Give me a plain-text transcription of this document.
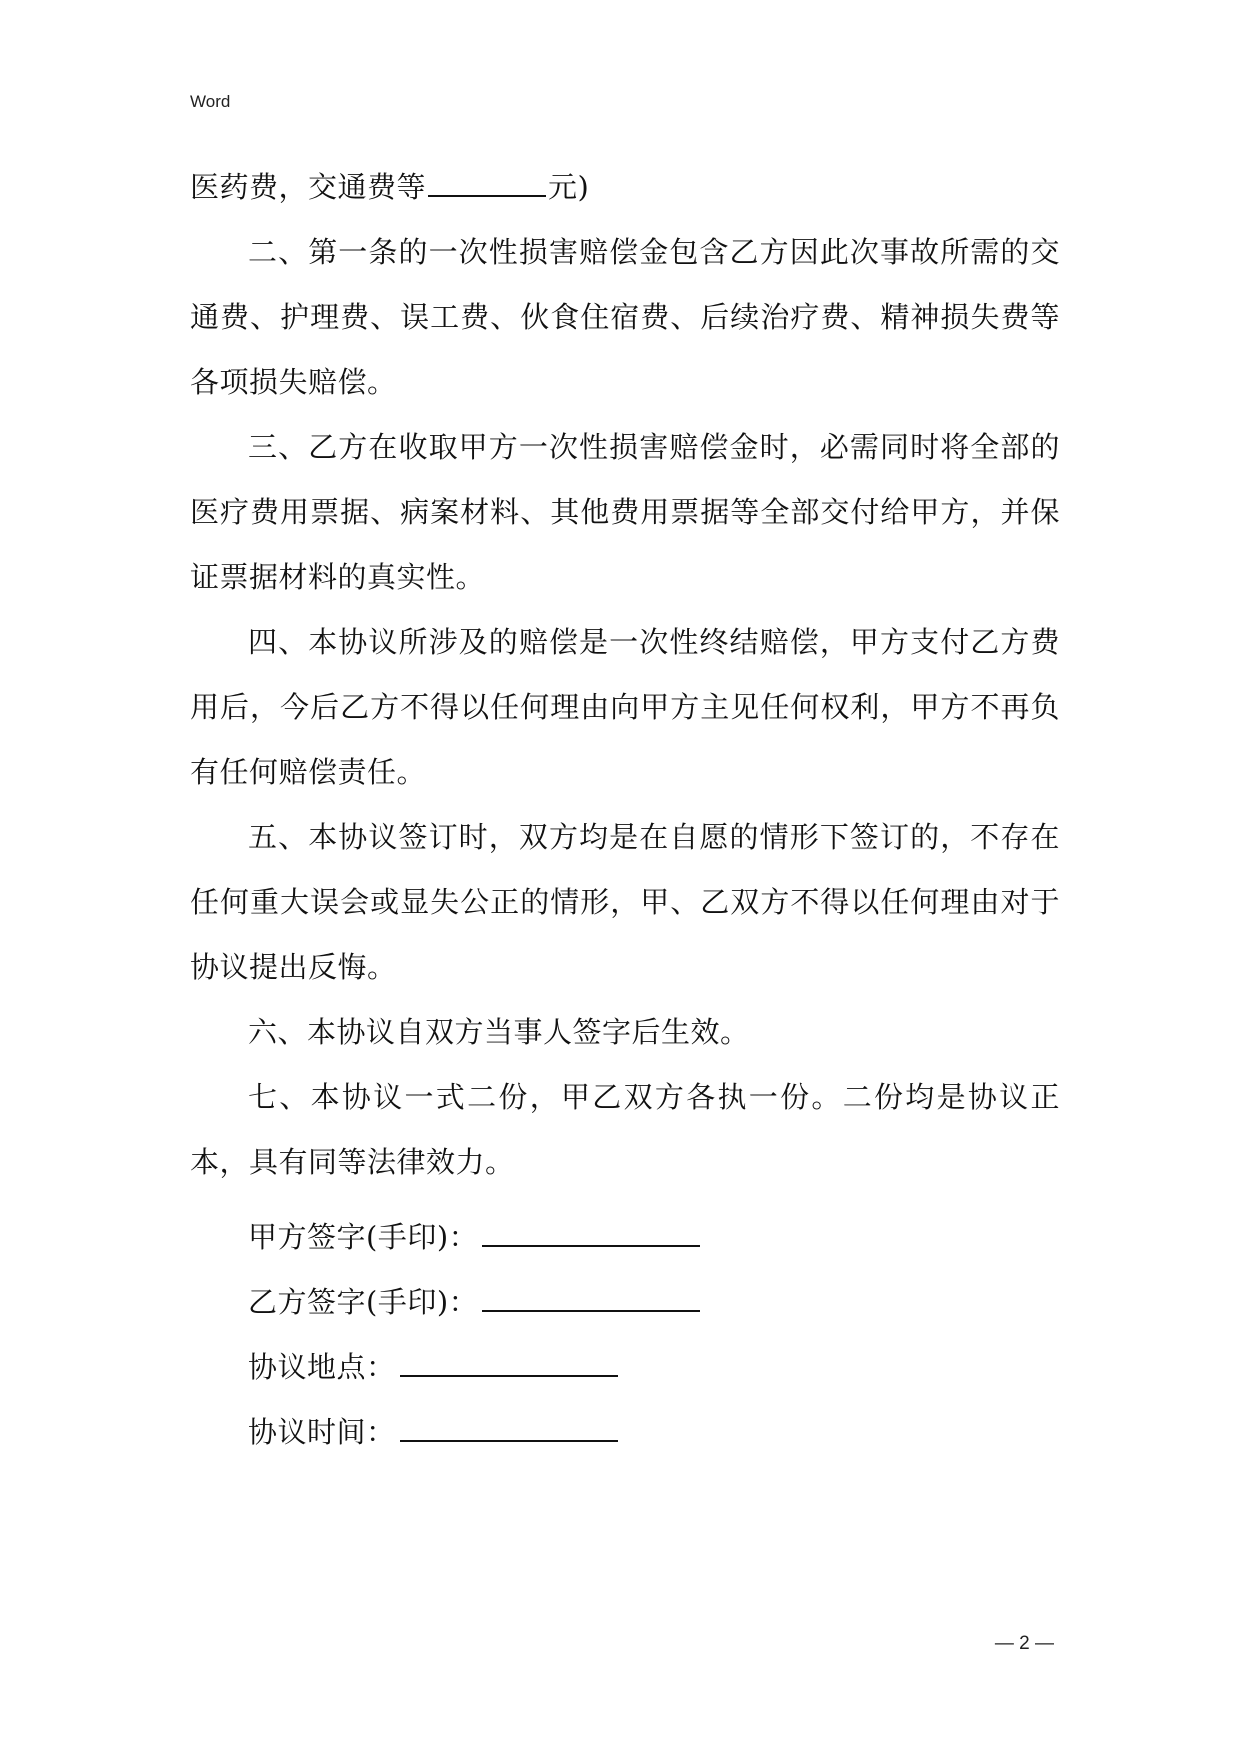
Word

医药费，交通费等	元)

二、第一条的一次性损害赔偿金包含乙方因此次事故所需的交通费、护理费、误工费、伙食住宿费、后续治疗费、精神损失费等各项损失赔偿。

三、乙方在收取甲方一次性损害赔偿金时，必需同时将全部的医疗费用票据、病案材料、其他费用票据等全部交付给甲方，并保证票据材料的真实性。

四、本协议所涉及的赔偿是一次性终结赔偿，甲方支付乙方费用后，今后乙方不得以任何理由向甲方主见任何权利，甲方不再负有任何赔偿责任。

五、本协议签订时，双方均是在自愿的情形下签订的，不存在任何重大误会或显失公正的情形，甲、乙双方不得以任何理由对于协议提出反悔。

六、本协议自双方当事人签字后生效。

七、本协议一式二份，甲乙双方各执一份。二份均是协议正本，具有同等法律效力。

甲方签字(手印)：
乙方签字(手印)：
协议地点：
协议时间：
— 2 —
